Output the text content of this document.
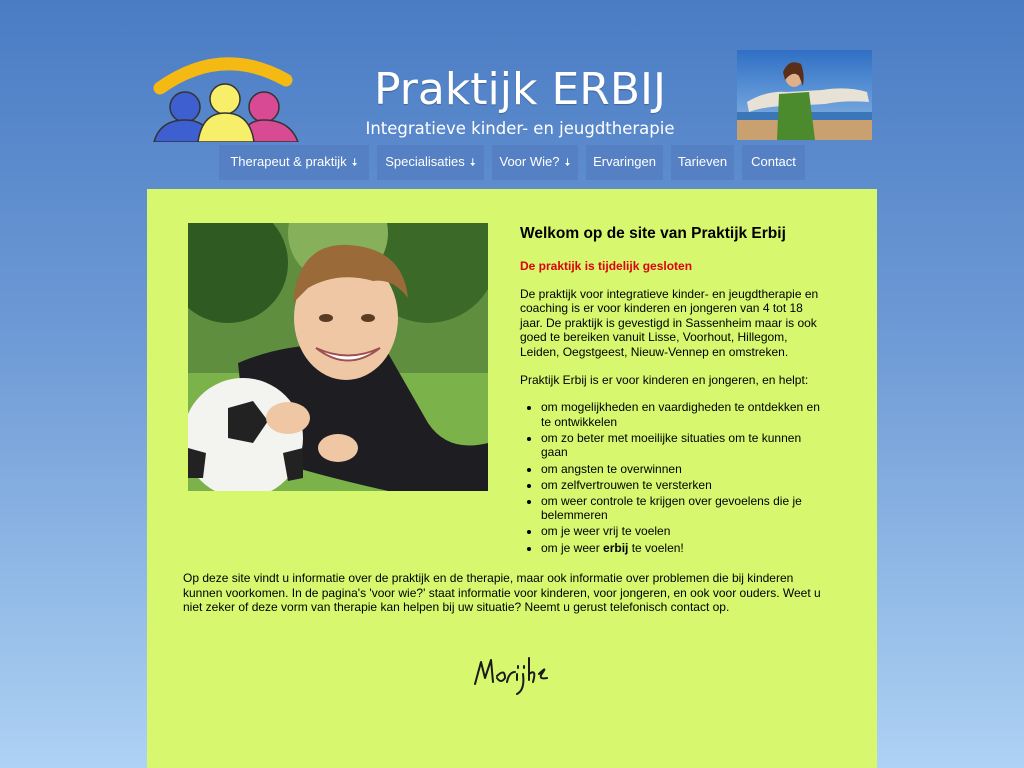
Praktijk ERBIJ
Integratieve kinder- en jeugdtherapie
Therapeut & praktijk 🠇	Specialisaties 🠇	Voor Wie? 🠇	Ervaringen	Tarieven	Contact
Welkom op de site van Praktijk Erbij

De praktijk is tijdelijk gesloten

De praktijk voor integratieve kinder- en jeugdtherapie en coaching is er voor kinderen en jongeren van 4 tot 18 jaar. De praktijk is gevestigd in Sassenheim maar is ook goed te bereiken vanuit Lisse, Voorhout, Hillegom, Leiden, Oegstgeest, Nieuw-Vennep en omstreken.

Praktijk Erbij is er voor kinderen en jongeren, en helpt:

• om mogelijkheden en vaardigheden te ontdekken en te ontwikkelen
• om zo beter met moeilijke situaties om te kunnen gaan
• om angsten te overwinnen
• om zelfvertrouwen te versterken
• om weer controle te krijgen over gevoelens die je belemmeren
• om je weer vrij te voelen
• om je weer erbij te voelen!
Op deze site vindt u informatie over de praktijk en de therapie, maar ook informatie over problemen die bij kinderen kunnen voorkomen. In de pagina's 'voor wie?' staat informatie voor kinderen, voor jongeren, en ook voor ouders. Weet u niet zeker of deze vorm van therapie kan helpen bij uw situatie? Neemt u gerust telefonisch contact op.
